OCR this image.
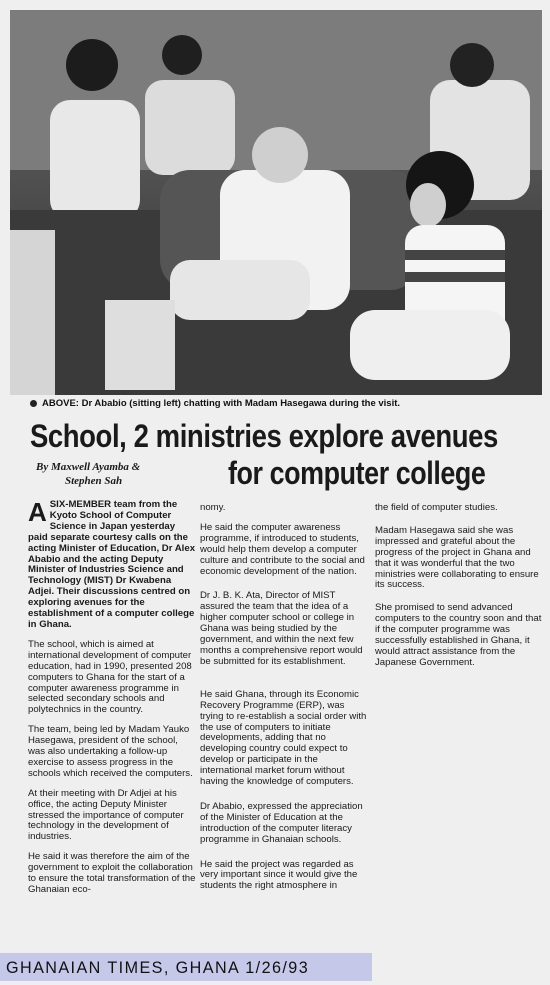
ABOVE: Dr Ababio (sitting left) chatting with Madam Hasegawa during the visit.
School, 2 ministries explore avenues
for computer college
By Maxwell Ayamba &
Stephen Sah

ASIX-MEMBER team from the Kyoto School of Computer Science in Japan yesterday paid separate courtesy calls on the acting Minister of Education, Dr Alex Ababio and the acting Deputy Minister of Industries Science and Technology (MIST) Dr Kwabena Adjei. Their discussions centred on exploring avenues for the establishment of a computer college in Ghana.

The school, which is aimed at international development of computer education, had in 1990, presented 208 computers to Ghana for the start of a computer awareness programme in selected secondary schools and polytechnics in the country.

The team, being led by Madam Yauko Hasegawa, president of the school, was also undertaking a follow-up exercise to assess progress in the schools which received the computers.

At their meeting with Dr Adjei at his office, the acting Deputy Minister stressed the importance of computer technology in the development of industries.

He said it was therefore the aim of the government to exploit the collaboration to ensure the total transformation of the Ghanaian eco-

nomy.

He said the computer awareness programme, if introduced to students, would help them develop a computer culture and contribute to the social and economic development of the nation.

Dr J. B. K. Ata, Director of MIST assured the team that the idea of a higher computer school or college in Ghana was being studied by the government, and within the next few months a comprehensive report would be submitted for its establishment.

He said Ghana, through its Economic Recovery Programme (ERP), was trying to re-establish a social order with the use of computers to initiate developments, adding that no developing country could expect to develop or participate in the international market forum without having the knowledge of computers.

Dr Ababio, expressed the appreciation of the Minister of Education at the introduction of the computer literacy programme in Ghanaian schools.

He said the project was regarded as very important since it would give the students the right atmosphere in

the field of computer studies.

Madam Hasegawa said she was impressed and grateful about the progress of the project in Ghana and that it was wonderful that the two ministries were collaborating to ensure its success.

She promised to send advanced computers to the country soon and that if the computer programme was successfully established in Ghana, it would attract assistance from the Japanese Government.

GHANAIAN TIMES, GHANA 1/26/93
